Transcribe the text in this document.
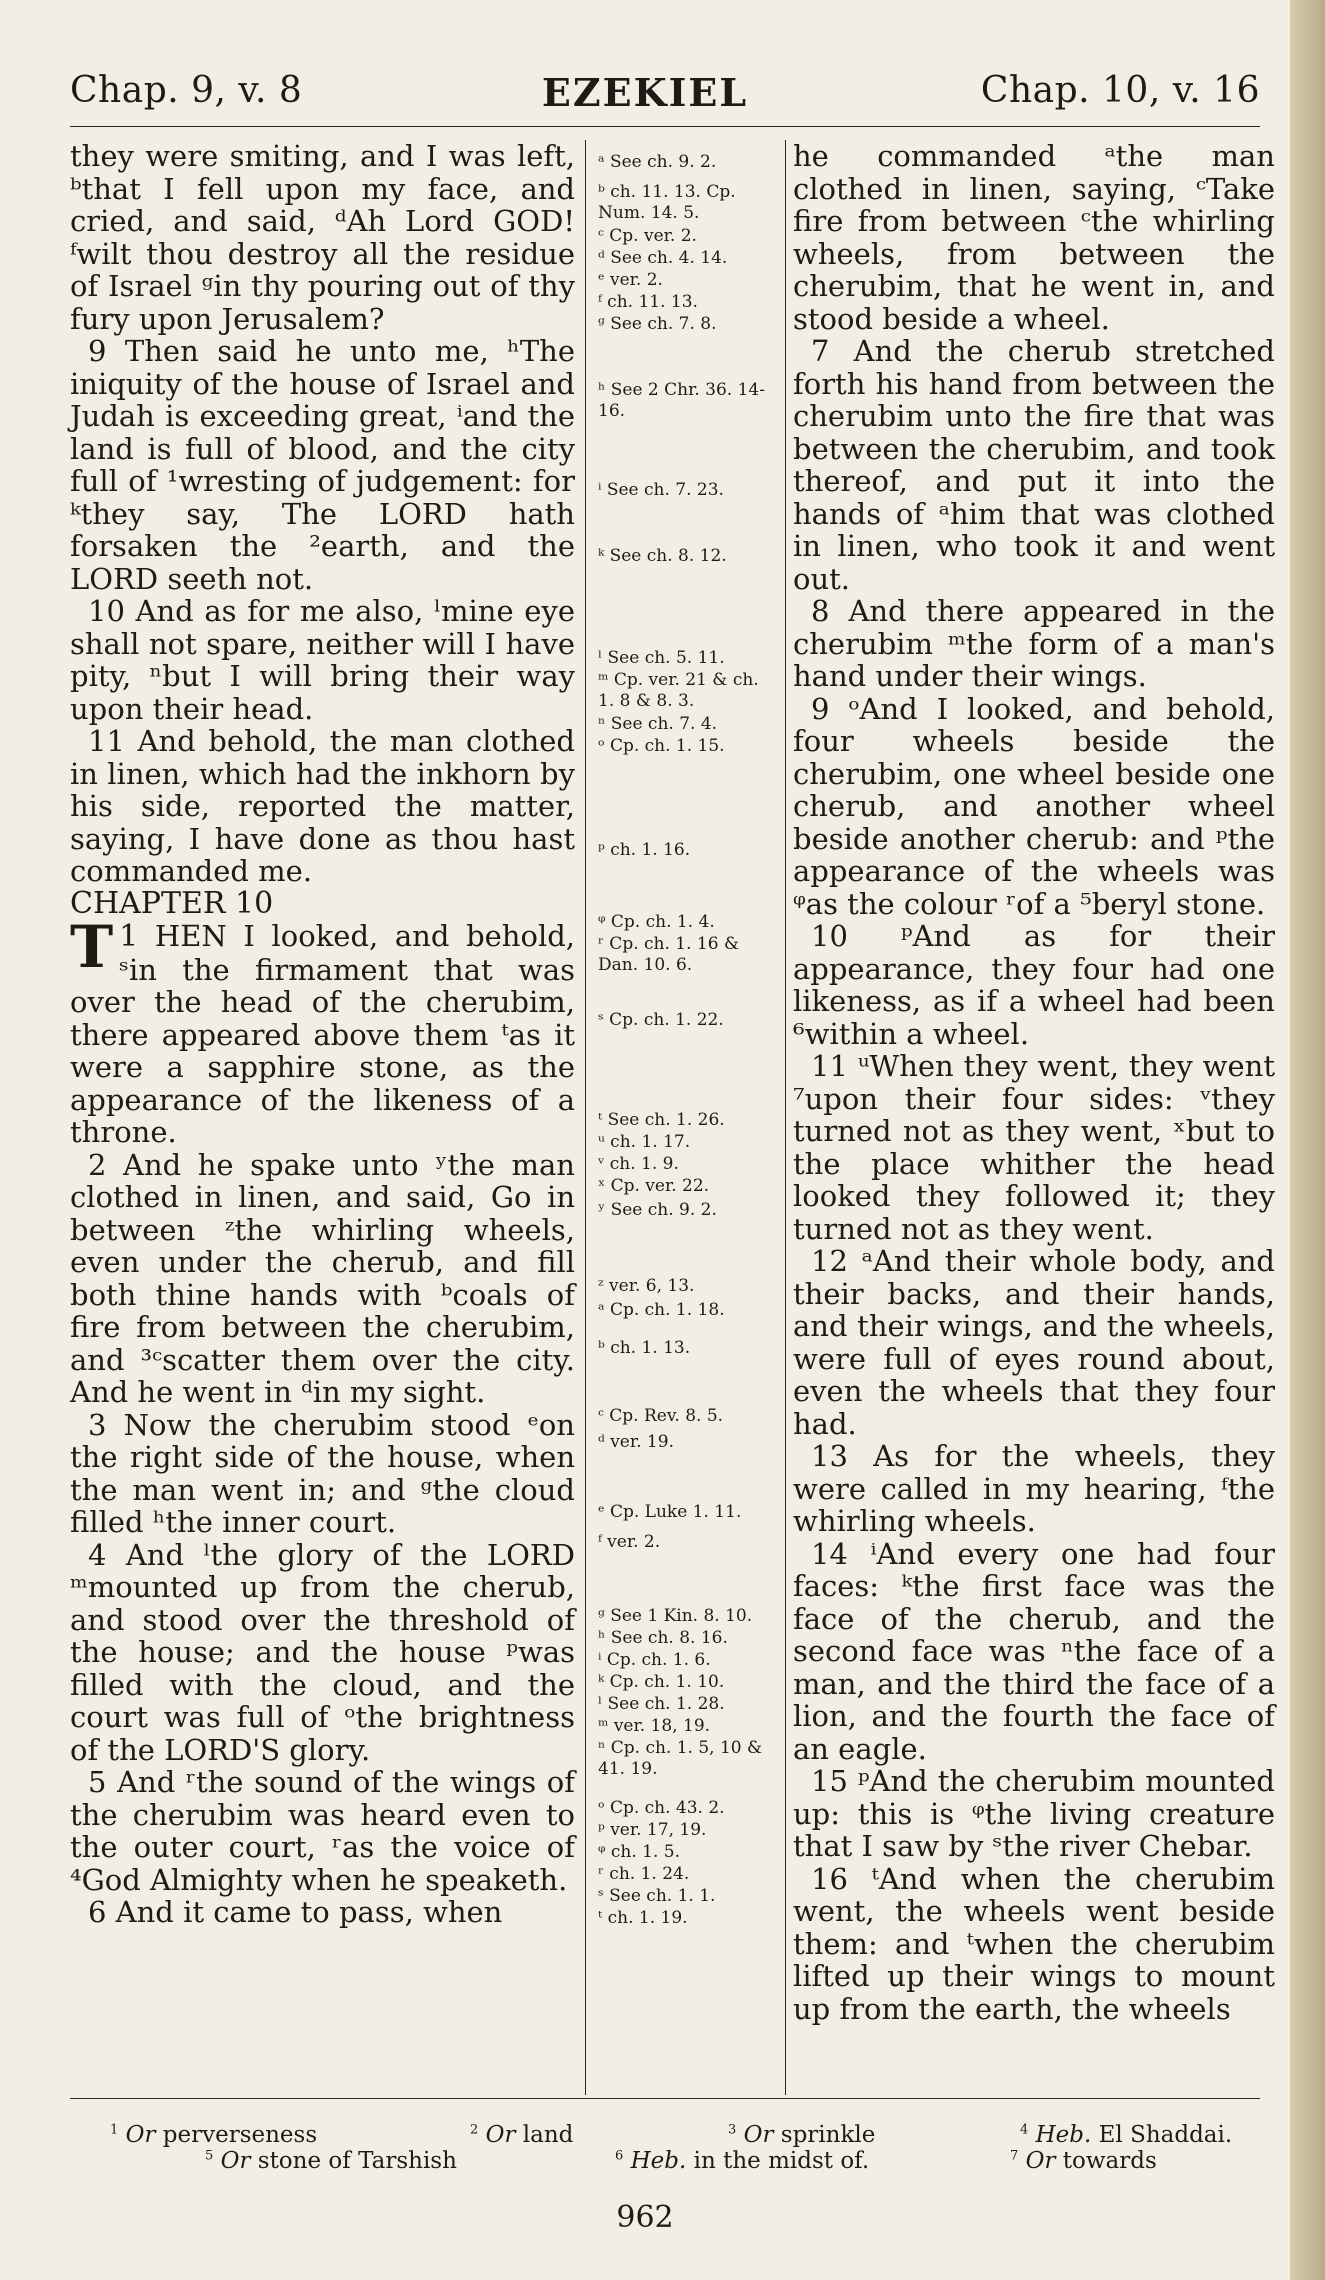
Chap. 9, v. 8	EZEKIEL	Chap. 10, v. 16

they were smiting, and I was left, ᵇthat I fell upon my face, and cried, and said, ᵈAh Lord GOD! ᶠwilt thou destroy all the residue of Israel ᵍin thy pouring out of thy fury upon Jerusalem?

9 Then said he unto me, ʰThe iniquity of the house of Israel and Judah is exceeding great, ⁱand the land is full of blood, and the city full of ¹wresting of judgement: for ᵏthey say, The LORD hath forsaken the ²earth, and the LORD seeth not.

10 And as for me also, ˡmine eye shall not spare, neither will I have pity, ⁿbut I will bring their way upon their head.

11 And behold, the man clothed in linen, which had the inkhorn by his side, reported the matter, saying, I have done as thou hast commanded me.

CHAPTER 10

1
T HEN I looked, and behold, ˢin the firmament that was over the head of the cherubim, there appeared above them ᵗas it were a sapphire stone, as the appearance of the likeness of a throne.

2 And he spake unto ʸthe man clothed in linen, and said, Go in between ᶻthe whirling wheels, even under the cherub, and fill both thine hands with ᵇcoals of fire from between the cherubim, and ³ᶜscatter them over the city. And he went in ᵈin my sight.

3 Now the cherubim stood ᵉon the right side of the house, when the man went in; and ᵍthe cloud filled ʰthe inner court.

4 And ˡthe glory of the LORD ᵐmounted up from the cherub, and stood over the threshold of the house; and the house ᵖwas filled with the cloud, and the court was full of ᵒthe brightness of the LORD'S glory.

5 And ʳthe sound of the wings of the cherubim was heard even to the outer court, ʳas the voice of ⁴God Almighty when he speaketh.

6 And it came to pass, when

ᵃ See ch. 9. 2.
ᵇ ch. 11. 13. Cp. Num. 14. 5.
ᶜ Cp. ver. 2.
ᵈ See ch. 4. 14.
ᵉ ver. 2.
ᶠ ch. 11. 13.
ᵍ See ch. 7. 8.
ʰ See 2 Chr. 36. 14-16.
ⁱ See ch. 7. 23.
ᵏ See ch. 8. 12.
ˡ See ch. 5. 11.
ᵐ Cp. ver. 21 & ch. 1. 8 & 8. 3.
ⁿ See ch. 7. 4.
ᵒ Cp. ch. 1. 15.
ᵖ ch. 1. 16.
ᵠ Cp. ch. 1. 4.
ʳ Cp. ch. 1. 16 & Dan. 10. 6.
ˢ Cp. ch. 1. 22.
ᵗ See ch. 1. 26.
ᵘ ch. 1. 17.
ᵛ ch. 1. 9.
ˣ Cp. ver. 22.
ʸ See ch. 9. 2.
ᶻ ver. 6, 13.
ᵃ Cp. ch. 1. 18.
ᵇ ch. 1. 13.
ᶜ Cp. Rev. 8. 5.
ᵈ ver. 19.
ᵉ Cp. Luke 1. 11.
ᶠ ver. 2.
ᵍ See 1 Kin. 8. 10.
ʰ See ch. 8. 16.
ⁱ Cp. ch. 1. 6.
ᵏ Cp. ch. 1. 10.
ˡ See ch. 1. 28.
ᵐ ver. 18, 19.
ⁿ Cp. ch. 1. 5, 10 & 41. 19.
ᵒ Cp. ch. 43. 2.
ᵖ ver. 17, 19.
ᵠ ch. 1. 5.
ʳ ch. 1. 24.
ˢ See ch. 1. 1.
ᵗ ch. 1. 19.

he commanded ᵃthe man clothed in linen, saying, ᶜTake fire from between ᶜthe whirling wheels, from between the cherubim, that he went in, and stood beside a wheel.

7 And the cherub stretched forth his hand from between the cherubim unto the fire that was between the cherubim, and took thereof, and put it into the hands of ᵃhim that was clothed in linen, who took it and went out.

8 And there appeared in the cherubim ᵐthe form of a man's hand under their wings.

9 ᵒAnd I looked, and behold, four wheels beside the cherubim, one wheel beside one cherub, and another wheel beside another cherub: and ᵖthe appearance of the wheels was ᵠas the colour ʳof a ⁵beryl stone.

10 ᵖAnd as for their appearance, they four had one likeness, as if a wheel had been ⁶within a wheel.

11 ᵘWhen they went, they went ⁷upon their four sides: ᵛthey turned not as they went, ˣbut to the place whither the head looked they followed it; they turned not as they went.

12 ᵃAnd their whole body, and their backs, and their hands, and their wings, and the wheels, were full of eyes round about, even the wheels that they four had.

13 As for the wheels, they were called in my hearing, ᶠthe whirling wheels.

14 ⁱAnd every one had four faces: ᵏthe first face was the face of the cherub, and the second face was ⁿthe face of a man, and the third the face of a lion, and the fourth the face of an eagle.

15 ᵖAnd the cherubim mounted up: this is ᵠthe living creature that I saw by ˢthe river Chebar.

16 ᵗAnd when the cherubim went, the wheels went beside them: and ᵗwhen the cherubim lifted up their wings to mount up from the earth, the wheels

$^1$ Or perverseness	$^2$ Or land	$^3$ Or sprinkle	$^4$ Heb. El Shaddai.
$^5$ Or stone of Tarshish	$^6$ Heb. in the midst of.	$^7$ Or towards
962
